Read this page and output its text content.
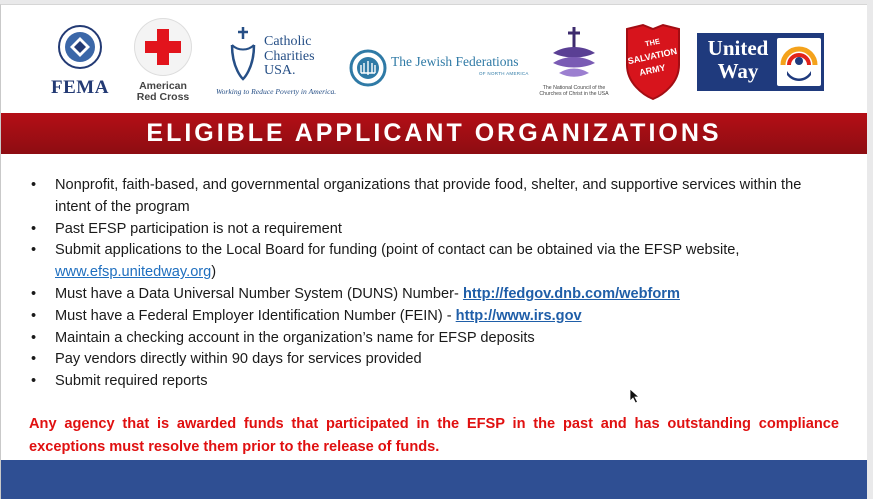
FEMA	American
Red Cross
Catholic
Charities
USA.
Working to Reduce Poverty in America.
The Jewish Federations
OF NORTH AMERICA
The National Council of the
Churches of Christ in the USA
THE
SALVATION
ARMY
United
Way
ELIGIBLE APPLICANT ORGANIZATIONS
• Nonprofit, faith-based, and governmental organizations that provide food, shelter, and supportive services within the intent of the program
• Past EFSP participation is not a requirement
• Submit applications to the Local Board for funding (point of contact can be obtained via the EFSP website, www.efsp.unitedway.org)
• Must have a Data Universal Number System (DUNS) Number- http://fedgov.dnb.com/webform
• Must have a Federal Employer Identification Number (FEIN) - http://www.irs.gov
• Maintain a checking account in the organization’s name for EFSP deposits
• Pay vendors directly within 90 days for services provided
• Submit required reports

Any agency that is awarded funds that participated in the EFSP in the past and has outstanding compliance exceptions must resolve them prior to the release of funds.
